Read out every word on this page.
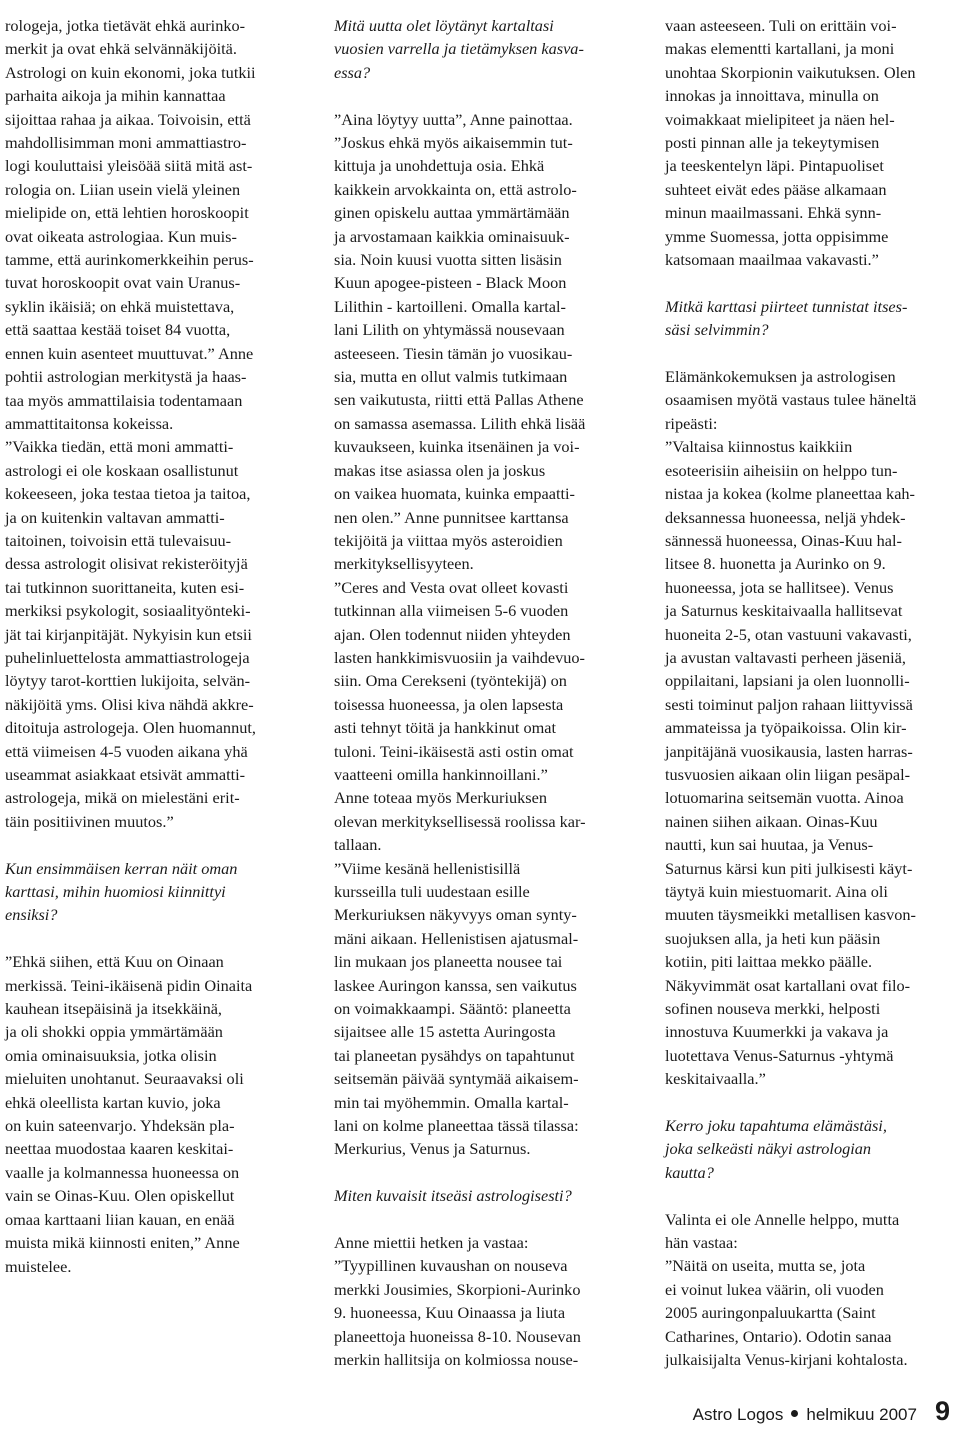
rologeja, jotka tietävät ehkä aurinko-
merkit ja ovat ehkä selvännäkijöitä.
Astrologi on kuin ekonomi, joka tutkii
parhaita aikoja ja mihin kannattaa
sijoittaa rahaa ja aikaa. Toivoisin, että
mahdollisimman moni ammattiastro-
logi kouluttaisi yleisöää siitä mitä ast-
rologia on. Liian usein vielä yleinen
mielipide on, että lehtien horoskoopit
ovat oikeata astrologiaa. Kun muis-
tamme, että aurinkomerkkeihin perus-
tuvat horoskoopit ovat vain Uranus-
syklin ikäisiä; on ehkä muistettava,
että saattaa kestää toiset 84 vuotta,
ennen kuin asenteet muuttuvat.” Anne
pohtii astrologian merkitystä ja haas-
taa myös ammattilaisia todentamaan
ammattitaitonsa kokeissa.

”Vaikka tiedän, että moni ammatti-
astrologi ei ole koskaan osallistunut
kokeeseen, joka testaa tietoa ja taitoa,
ja on kuitenkin valtavan ammatti-
taitoinen, toivoisin että tulevaisuu-
dessa astrologit olisivat rekisteröityjä
tai tutkinnon suorittaneita, kuten esi-
merkiksi psykologit, sosiaalityönteki-
jät tai kirjanpitäjät. Nykyisin kun etsii
puhelinluettelosta ammattiastrologeja
löytyy tarot-korttien lukijoita, selvän-
näkijöitä yms. Olisi kiva nähdä akkre-
ditoituja astrologeja. Olen huomannut,
että viimeisen 4-5 vuoden aikana yhä
useammat asiakkaat etsivät ammatti-
astrologeja, mikä on mielestäni erit-
täin positiivinen muutos.”

Kun ensimmäisen kerran näit oman
karttasi, mihin huomiosi kiinnittyi
ensiksi?

”Ehkä siihen, että Kuu on Oinaan
merkissä. Teini-ikäisenä pidin Oinaita
kauhean itsepäisinä ja itsekkäinä,
ja oli shokki oppia ymmärtämään
omia ominaisuuksia, jotka olisin
mieluiten unohtanut. Seuraavaksi oli
ehkä oleellista kartan kuvio, joka
on kuin sateenvarjo. Yhdeksän pla-
neettaa muodostaa kaaren keskitai-
vaalle ja kolmannessa huoneessa on
vain se Oinas-Kuu. Olen opiskellut
omaa karttaani liian kauan, en enää
muista mikä kiinnosti eniten,” Anne
muistelee.

Mitä uutta olet löytänyt kartaltasi
vuosien varrella ja tietämyksen kasva-
essa?

”Aina löytyy uutta”, Anne painottaa.
”Joskus ehkä myös aikaisemmin tut-
kittuja ja unohdettuja osia. Ehkä
kaikkein arvokkainta on, että astrolo-
ginen opiskelu auttaa ymmärtämään
ja arvostamaan kaikkia ominaisuuk-
sia. Noin kuusi vuotta sitten lisäsin
Kuun apogee-pisteen - Black Moon
Lilithin - kartoilleni. Omalla kartal-
lani Lilith on yhtymässä nousevaan
asteeseen. Tiesin tämän jo vuosikau-
sia, mutta en ollut valmis tutkimaan
sen vaikutusta, riitti että Pallas Athene
on samassa asemassa. Lilith ehkä lisää
kuvaukseen, kuinka itsenäinen ja voi-
makas itse asiassa olen ja joskus
on vaikea huomata, kuinka empaatti-
nen olen.” Anne punnitsee karttansa
tekijöitä ja viittaa myös asteroidien
merkityksellisyyteen.

”Ceres and Vesta ovat olleet kovasti
tutkinnan alla viimeisen 5-6 vuoden
ajan. Olen todennut niiden yhteyden
lasten hankkimisvuosiin ja vaihdevuo-
siin. Oma Cerekseni (työntekijä) on
toisessa huoneessa, ja olen lapsesta
asti tehnyt töitä ja hankkinut omat
tuloni. Teini-ikäisestä asti ostin omat
vaatteeni omilla hankinnoillani.”

Anne toteaa myös Merkuriuksen
olevan merkityksellisessä roolissa kar-
tallaan.

”Viime kesänä hellenistisillä
kursseilla tuli uudestaan esille
Merkuriuksen näkyvyys oman synty-
mäni aikaan. Hellenistisen ajatusmal-
lin mukaan jos planeetta nousee tai
laskee Auringon kanssa, sen vaikutus
on voimakkaampi. Sääntö: planeetta
sijaitsee alle 15 astetta Auringosta
tai planeetan pysähdys on tapahtunut
seitsemän päivää syntymää aikaisem-
min tai myöhemmin. Omalla kartal-
lani on kolme planeettaa tässä tilassa:
Merkurius, Venus ja Saturnus.

Miten kuvaisit itseäsi astrologisesti?

Anne miettii hetken ja vastaa:
”Tyypillinen kuvaushan on nouseva
merkki Jousimies, Skorpioni-Aurinko
9. huoneessa, Kuu Oinaassa ja liuta
planeettoja huoneissa 8-10. Nousevan
merkin hallitsija on kolmiossa nouse-

vaan asteeseen. Tuli on erittäin voi-
makas elementti kartallani, ja moni
unohtaa Skorpionin vaikutuksen. Olen
innokas ja innoittava, minulla on
voimakkaat mielipiteet ja näen hel-
posti pinnan alle ja tekeytymisen
ja teeskentelyn läpi. Pintapuoliset
suhteet eivät edes pääse alkamaan
minun maailmassani. Ehkä synn-
ymme Suomessa, jotta oppisimme
katsomaan maailmaa vakavasti.”

Mitkä karttasi piirteet tunnistat itses-
säsi selvimmin?

Elämänkokemuksen ja astrologisen
osaamisen myötä vastaus tulee häneltä
ripeästi:
”Valtaisa kiinnostus kaikkiin
esoteerisiin aiheisiin on helppo tun-
nistaa ja kokea (kolme planeettaa kah-
deksannessa huoneessa, neljä yhdek-
sännessä huoneessa, Oinas-Kuu hal-
litsee 8. huonetta ja Aurinko on 9.
huoneessa, jota se hallitsee). Venus
ja Saturnus keskitaivaalla hallitsevat
huoneita 2-5, otan vastuuni vakavasti,
ja avustan valtavasti perheen jäseniä,
oppilaitani, lapsiani ja olen luonnolli-
sesti toiminut paljon rahaan liittyvissä
ammateissa ja työpaikoissa. Olin kir-
janpitäjänä vuosikausia, lasten harras-
tusvuosien aikaan olin liigan pesäpal-
lotuomarina seitsemän vuotta. Ainoa
nainen siihen aikaan. Oinas-Kuu
nautti, kun sai huutaa, ja Venus-
Saturnus kärsi kun piti julkisesti käyt-
täytyä kuin miestuomarit. Aina oli
muuten täysmeikki metallisen kasvon-
suojuksen alla, ja heti kun pääsin
kotiin, piti laittaa mekko päälle.
Näkyvimmät osat kartallani ovat filo-
sofinen nouseva merkki, helposti
innostuva Kuumerkki ja vakava ja
luotettava Venus-Saturnus -yhtymä
keskitaivaalla.”

Kerro joku tapahtuma elämästäsi,
joka selkeästi näkyi astrologian
kautta?

Valinta ei ole Annelle helppo, mutta
hän vastaa:
”Näitä on useita, mutta se, jota
ei voinut lukea väärin, oli vuoden
2005 auringonpaluukartta (Saint
Catharines, Ontario). Odotin sanaa
julkaisijalta Venus-kirjani kohtalosta.

Astro Logos helmikuu 2007 9
